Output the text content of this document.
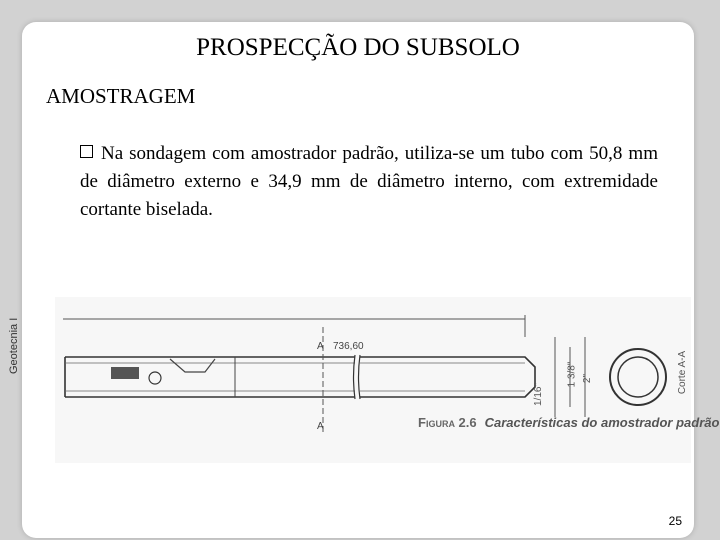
PROSPECÇÃO DO SUBSOLO
AMOSTRAGEM
Na sondagem com amostrador padrão, utiliza-se um tubo com 50,8 mm de diâmetro externo e 34,9 mm de diâmetro interno, com extremidade cortante biselada.
Geotecnia I	A
A
736,60
1/16"
1 3/8" 2"	Corte A-A
Figura 2.6 Características do amostrador padrão
25
